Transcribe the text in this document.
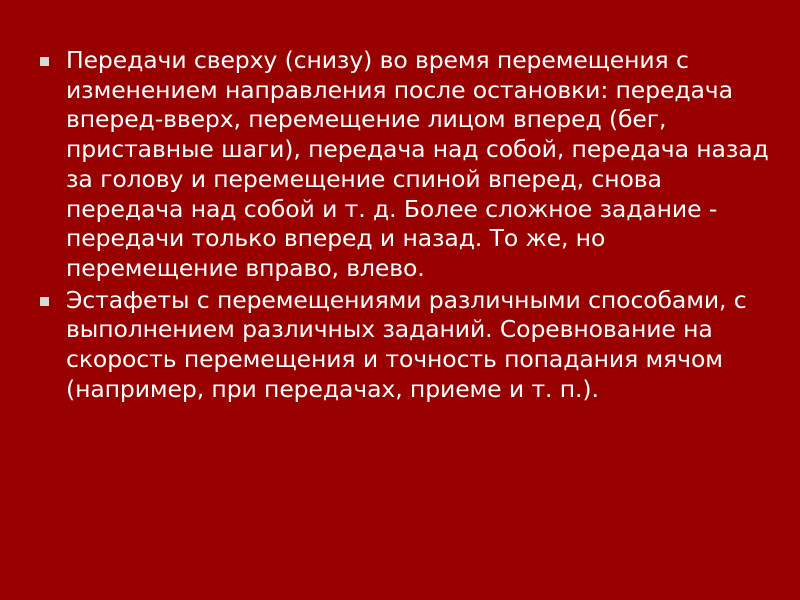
Передачи сверху (снизу) во время перемещения с изменением направления после остановки: передача вперед-вверх, перемещение лицом вперед (бег, приставные шаги), передача над собой, передача назад за голову и перемещение спиной вперед, снова передача над собой и т. д. Более сложное задание - передачи только вперед и назад. То же, но перемещение вправо, влево.
Эстафеты с перемещениями различными способами, с выполнением различных заданий. Соревнование на скорость перемещения и точность попадания мячом (например, при передачах, приеме и т. п.).
